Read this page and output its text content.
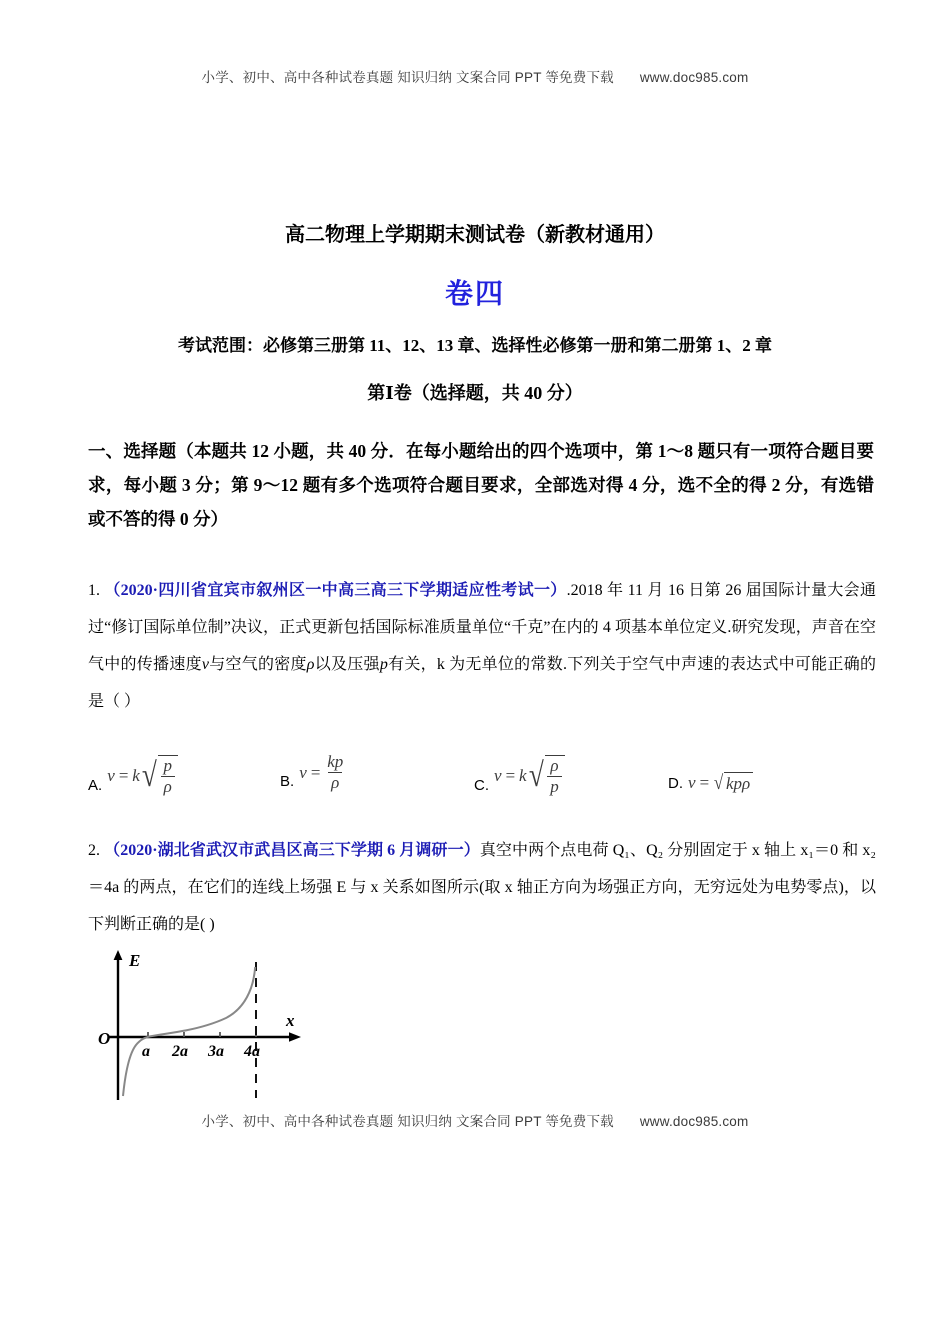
小学、初中、高中各种试卷真题 知识归纳 文案合同 PPT 等免费下载 www.doc985.com
高二物理上学期期末测试卷（新教材通用）
卷四
考试范围：必修第三册第 11、12、13 章、选择性必修第一册和第二册第 1、2 章
第Ⅰ卷（选择题，共 40 分）
一、选择题（本题共 12 小题，共 40 分．在每小题给出的四个选项中，第 1～8 题只有一项符合题目要求，每小题 3 分；第 9～12 题有多个选项符合题目要求，全部选对得 4 分，选不全的得 2 分，有选错或不答的得 0 分）
1. （2020·四川省宜宾市叙州区一中高三高三下学期适应性考试一）.2018 年 11 月 16 日第 26 届国际计量大会通过“修订国际单位制”决议，正式更新包括国际标准质量单位“千克”在内的 4 项基本单位定义.研究发现，声音在空气中的传播速度v与空气的密度ρ以及压强p有关，k 为无单位的常数.下列关于空气中声速的表达式中可能正确的是（ ）
A.
v = k √ $\frac{p}{\rho}$	B. $v = \frac{kp}{\rho}$	C.
v = k √ $\frac{\rho}{p}$	D. v = √ kpρ
2. （2020·湖北省武汉市武昌区高三下学期 6 月调研一）真空中两个点电荷 Q₁、Q₂ 分别固定于 x 轴上 x₁＝0 和 x₂＝4a 的两点，在它们的连线上场强 E 与 x 关系如图所示(取 x 轴正方向为场强正方向，无穷远处为电势零点)，以下判断正确的是( )
E
x
O
a 2a 3a 4a
小学、初中、高中各种试卷真题 知识归纳 文案合同 PPT 等免费下载 www.doc985.com
